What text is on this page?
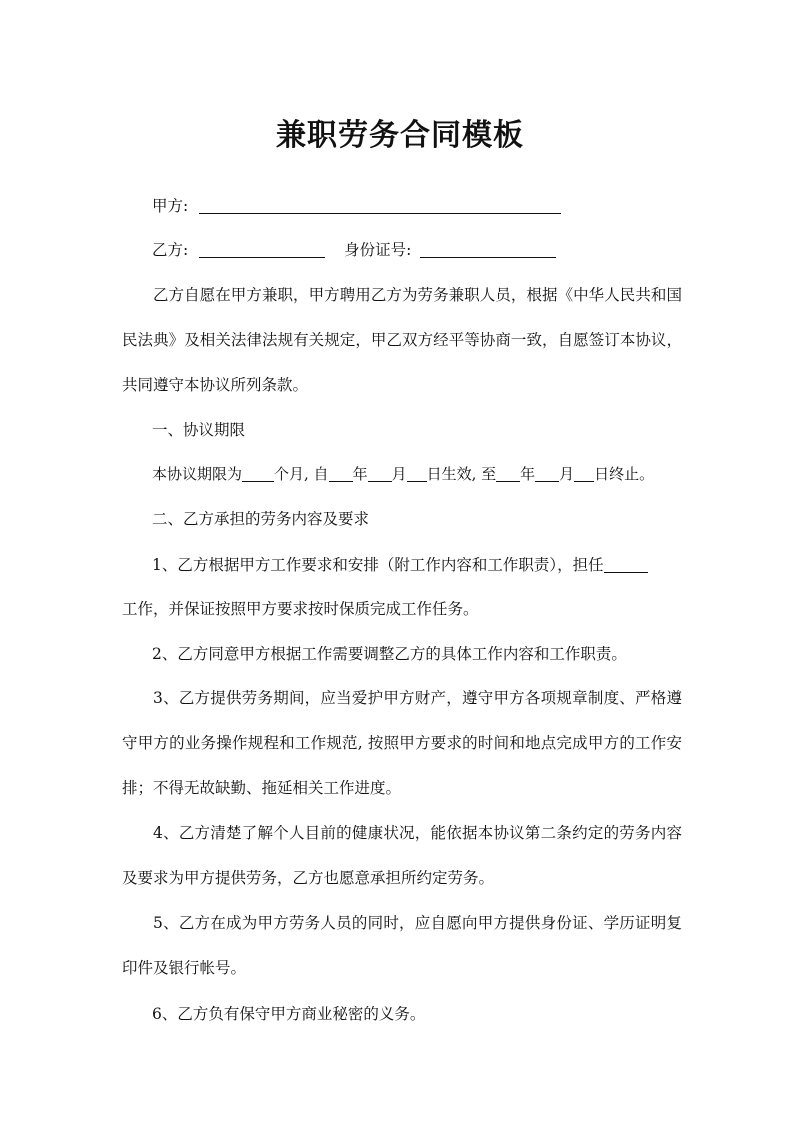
兼职劳务合同模板
甲方:
乙方:	身份证号:
乙方自愿在甲方兼职，甲方聘用乙方为劳务兼职人员，根据《中华人民共和国民法典》及相关法律法规有关规定，甲乙双方经平等协商一致，自愿签订本协议，共同遵守本协议所列条款。
一、协议期限
本协议期限为 个月, 自 年 月 日生效, 至 年 月 日终止。
二、乙方承担的劳务内容及要求
1、乙方根据甲方工作要求和安排（附工作内容和工作职责），担任
工作，并保证按照甲方要求按时保质完成工作任务。
2、乙方同意甲方根据工作需要调整乙方的具体工作内容和工作职责。
3、乙方提供劳务期间，应当爱护甲方财产，遵守甲方各项规章制度、严格遵守甲方的业务操作规程和工作规范, 按照甲方要求的时间和地点完成甲方的工作安排；不得无故缺勤、拖延相关工作进度。
4、乙方清楚了解个人目前的健康状况，能依据本协议第二条约定的劳务内容及要求为甲方提供劳务，乙方也愿意承担所约定劳务。
5、乙方在成为甲方劳务人员的同时，应自愿向甲方提供身份证、学历证明复印件及银行帐号。
6、乙方负有保守甲方商业秘密的义务。
